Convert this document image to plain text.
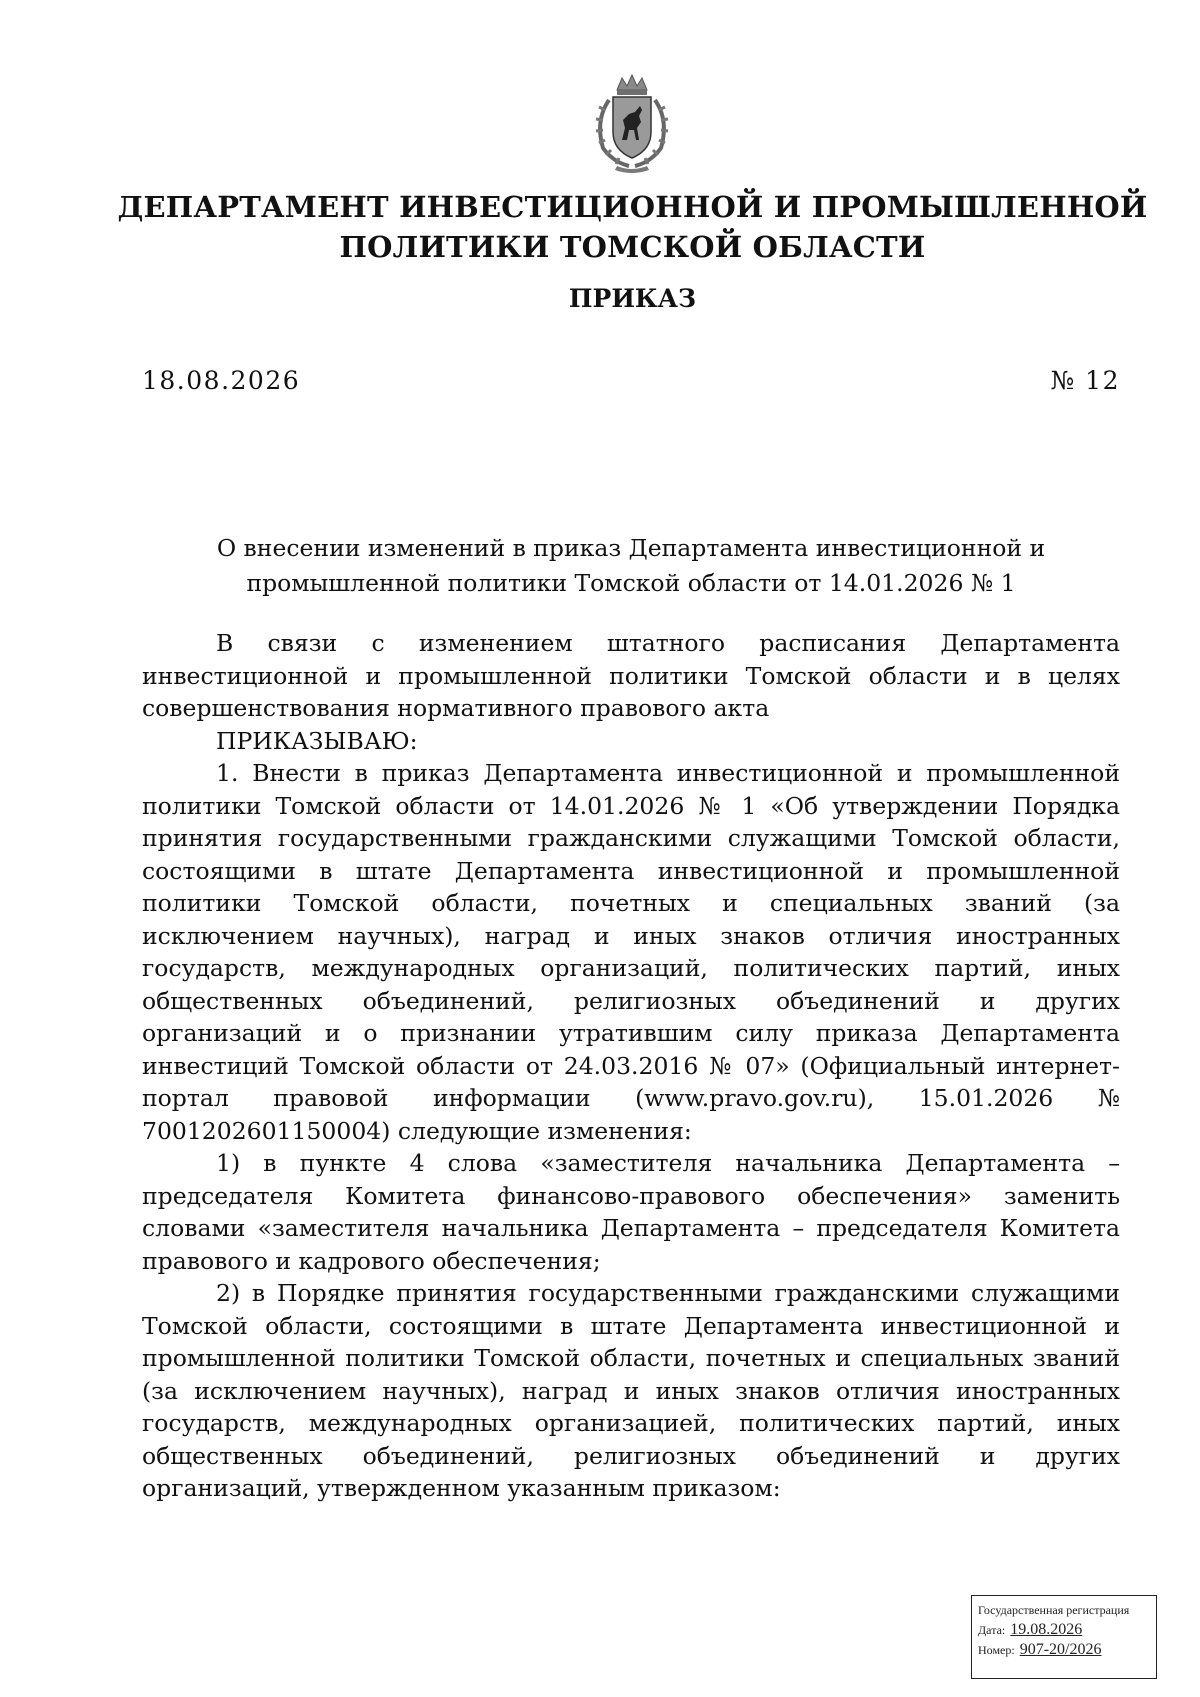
ДЕПАРТАМЕНТ ИНВЕСТИЦИОННОЙ И ПРОМЫШЛЕННОЙ
ПОЛИТИКИ ТОМСКОЙ ОБЛАСТИ
ПРИКАЗ
18.08.2026	№ 12
О внесении изменений в приказ Департамента инвестиционной и
промышленной политики Томской области от 14.01.2026 № 1

В связи с изменением штатного расписания Департамента инвестиционной и промышленной политики Томской области и в целях совершенствования нормативного правового акта

ПРИКАЗЫВАЮ:

1. Внести в приказ Департамента инвестиционной и промышленной политики Томской области от 14.01.2026 № 1 «Об утверждении Порядка принятия государственными гражданскими служащими Томской области, состоящими в штате Департамента инвестиционной и промышленной политики Томской области, почетных и специальных званий (за исключением научных), наград и иных знаков отличия иностранных государств, международных организаций, политических партий, иных общественных объединений, религиозных объединений и других организаций и о признании утратившим силу приказа Департамента инвестиций Томской области от 24.03.2016 № 07» (Официальный интернет-портал правовой информации (www.pravo.gov.ru), 15.01.2026 № 7001202601150004) следующие изменения:

1) в пункте 4 слова «заместителя начальника Департамента – председателя Комитета финансово-правового обеспечения» заменить словами «заместителя начальника Департамента – председателя Комитета правового и кадрового обеспечения;

2) в Порядке принятия государственными гражданскими служащими Томской области, состоящими в штате Департамента инвестиционной и промышленной политики Томской области, почетных и специальных званий (за исключением научных), наград и иных знаков отличия иностранных государств, международных организацией, политических партий, иных общественных объединений, религиозных объединений и других организаций, утвержденном указанным приказом:

Государственная регистрация
Дата: 19.08.2026
Номер: 907-20/2026
